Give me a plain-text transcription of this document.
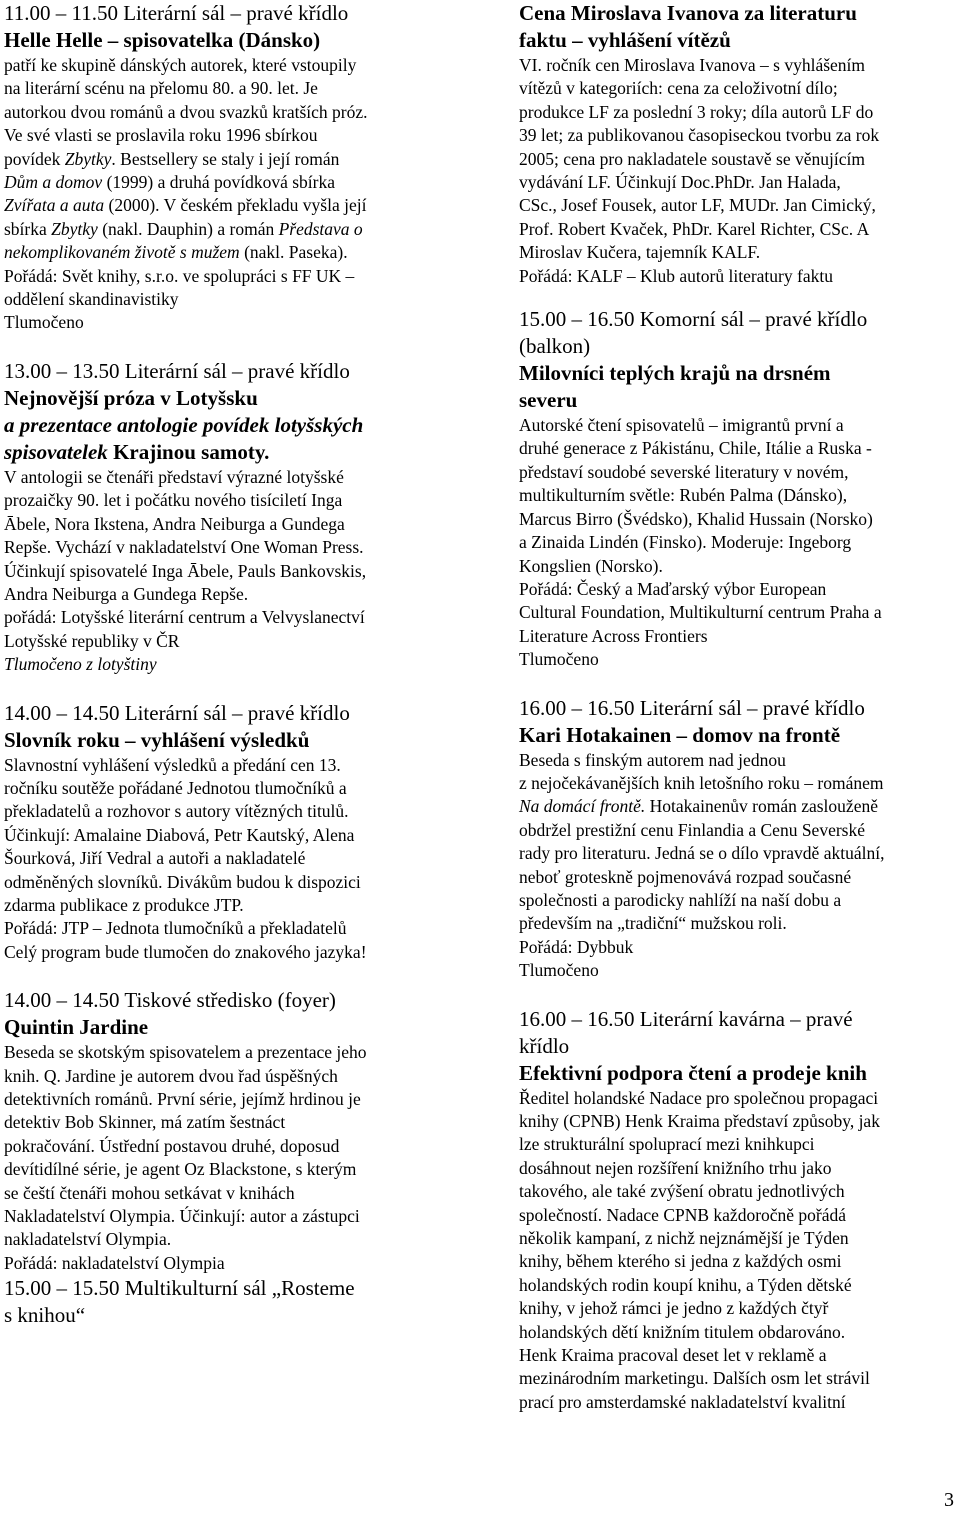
11.00 – 11.50 Literární sál – pravé křídlo
Helle Helle – spisovatelka (Dánsko)
patří ke skupině dánských autorek, které vstoupily
na literární scénu na přelomu 80. a 90. let. Je
autorkou dvou románů a dvou svazků kratších próz.
Ve své vlasti se proslavila roku 1996 sbírkou
povídek Zbytky. Bestsellery se staly i její román
Dům a domov (1999) a druhá povídková sbírka
Zvířata a auta (2000). V českém překladu vyšla její
sbírka Zbytky (nakl. Dauphin) a román Představa o
nekomplikovaném životě s mužem (nakl. Paseka).
Pořádá: Svět knihy, s.r.o. ve spolupráci s FF UK –
oddělení skandinavistiky
Tlumočeno
13.00 – 13.50 Literární sál – pravé křídlo
Nejnovější próza v Lotyšsku
a prezentace antologie povídek lotyšských
spisovatelek Krajinou samoty.
V antologii se čtenáři představí výrazné lotyšské
prozaičky 90. let i počátku nového tisíciletí Inga
Ābele, Nora Ikstena, Andra Neiburga a Gundega
Repše. Vychází v nakladatelství One Woman Press.
Účinkují spisovatelé Inga Ābele, Pauls Bankovskis,
Andra Neiburga a Gundega Repše.
pořádá: Lotyšské literární centrum a Velvyslanectví
Lotyšské republiky v ČR
Tlumočeno z lotyštiny
14.00 – 14.50 Literární sál – pravé křídlo
Slovník roku – vyhlášení výsledků
Slavnostní vyhlášení výsledků a předání cen 13.
ročníku soutěže pořádané Jednotou tlumočníků a
překladatelů a rozhovor s autory vítězných titulů.
Účinkují: Amalaine Diabová, Petr Kautský, Alena
Šourková, Jiří Vedral a autoři a nakladatelé
odměněných slovníků. Divákům budou k dispozici
zdarma publikace z produkce JTP.
Pořádá: JTP – Jednota tlumočníků a překladatelů
Celý program bude tlumočen do znakového jazyka!
14.00 – 14.50 Tiskové středisko (foyer)
Quintin Jardine
Beseda se skotským spisovatelem a prezentace jeho
knih. Q. Jardine je autorem dvou řad úspěšných
detektivních románů. První série, jejímž hrdinou je
detektiv Bob Skinner, má zatím šestnáct
pokračování. Ústřední postavou druhé, doposud
devítidílné série, je agent Oz Blackstone, s kterým
se čeští čtenáři mohou setkávat v knihách
Nakladatelství Olympia. Účinkují: autor a zástupci
nakladatelství Olympia.
Pořádá: nakladatelství Olympia
15.00 – 15.50 Multikulturní sál „Rosteme
s knihou“
Cena Miroslava Ivanova za literaturu
faktu – vyhlášení vítězů
VI. ročník cen Miroslava Ivanova – s vyhlášením
vítězů v kategoriích: cena za celoživotní dílo;
produkce LF za poslední 3 roky; díla autorů LF do
39 let; za publikovanou časopiseckou tvorbu za rok
2005; cena pro nakladatele soustavě se věnujícím
vydávání LF. Účinkují Doc.PhDr. Jan Halada,
CSc., Josef Fousek, autor LF, MUDr. Jan Cimický,
Prof. Robert Kvaček, PhDr. Karel Richter, CSc. A
Miroslav Kučera, tajemník KALF.
Pořádá: KALF – Klub autorů literatury faktu
15.00 – 16.50 Komorní sál – pravé křídlo
(balkon)
Milovníci teplých krajů na drsném
severu
Autorské čtení spisovatelů – imigrantů první a
druhé generace z Pákistánu, Chile, Itálie a Ruska -
představí soudobé severské literatury v novém,
multikulturním světle: Rubén Palma (Dánsko),
Marcus Birro (Švédsko), Khalid Hussain (Norsko)
a Zinaida Lindén (Finsko). Moderuje: Ingeborg
Kongslien (Norsko).
Pořádá: Český a Maďarský výbor European
Cultural Foundation, Multikulturní centrum Praha a
Literature Across Frontiers
Tlumočeno
16.00 – 16.50 Literární sál – pravé křídlo
Kari Hotakainen – domov na frontě
Beseda s finským autorem nad jednou
z nejočekávanějších knih letošního roku – románem
Na domácí frontě. Hotakainenův román zaslouženě
obdržel prestižní cenu Finlandia a Cenu Severské
rady pro literaturu. Jedná se o dílo vpravdě aktuální,
neboť groteskně pojmenovává rozpad současné
společnosti a parodicky nahlíží na naší dobu a
především na „tradiční“ mužskou roli.
Pořádá: Dybbuk
Tlumočeno
16.00 – 16.50 Literární kavárna – pravé
křídlo
Efektivní podpora čtení a prodeje knih
Ředitel holandské Nadace pro společnou propagaci
knihy (CPNB) Henk Kraima představí způsoby, jak
lze strukturální spoluprací mezi knihkupci
dosáhnout nejen rozšíření knižního trhu jako
takového, ale také zvýšení obratu jednotlivých
společností. Nadace CPNB každoročně pořádá
několik kampaní, z nichž nejznámější je Týden
knihy, během kterého si jedna z každých osmi
holandských rodin koupí knihu, a Týden dětské
knihy, v jehož rámci je jedno z každých čtyř
holandských dětí knižním titulem obdarováno.
Henk Kraima pracoval deset let v reklamě a
mezinárodním marketingu. Dalších osm let strávil
prací pro amsterdamské nakladatelství kvalitní
3
